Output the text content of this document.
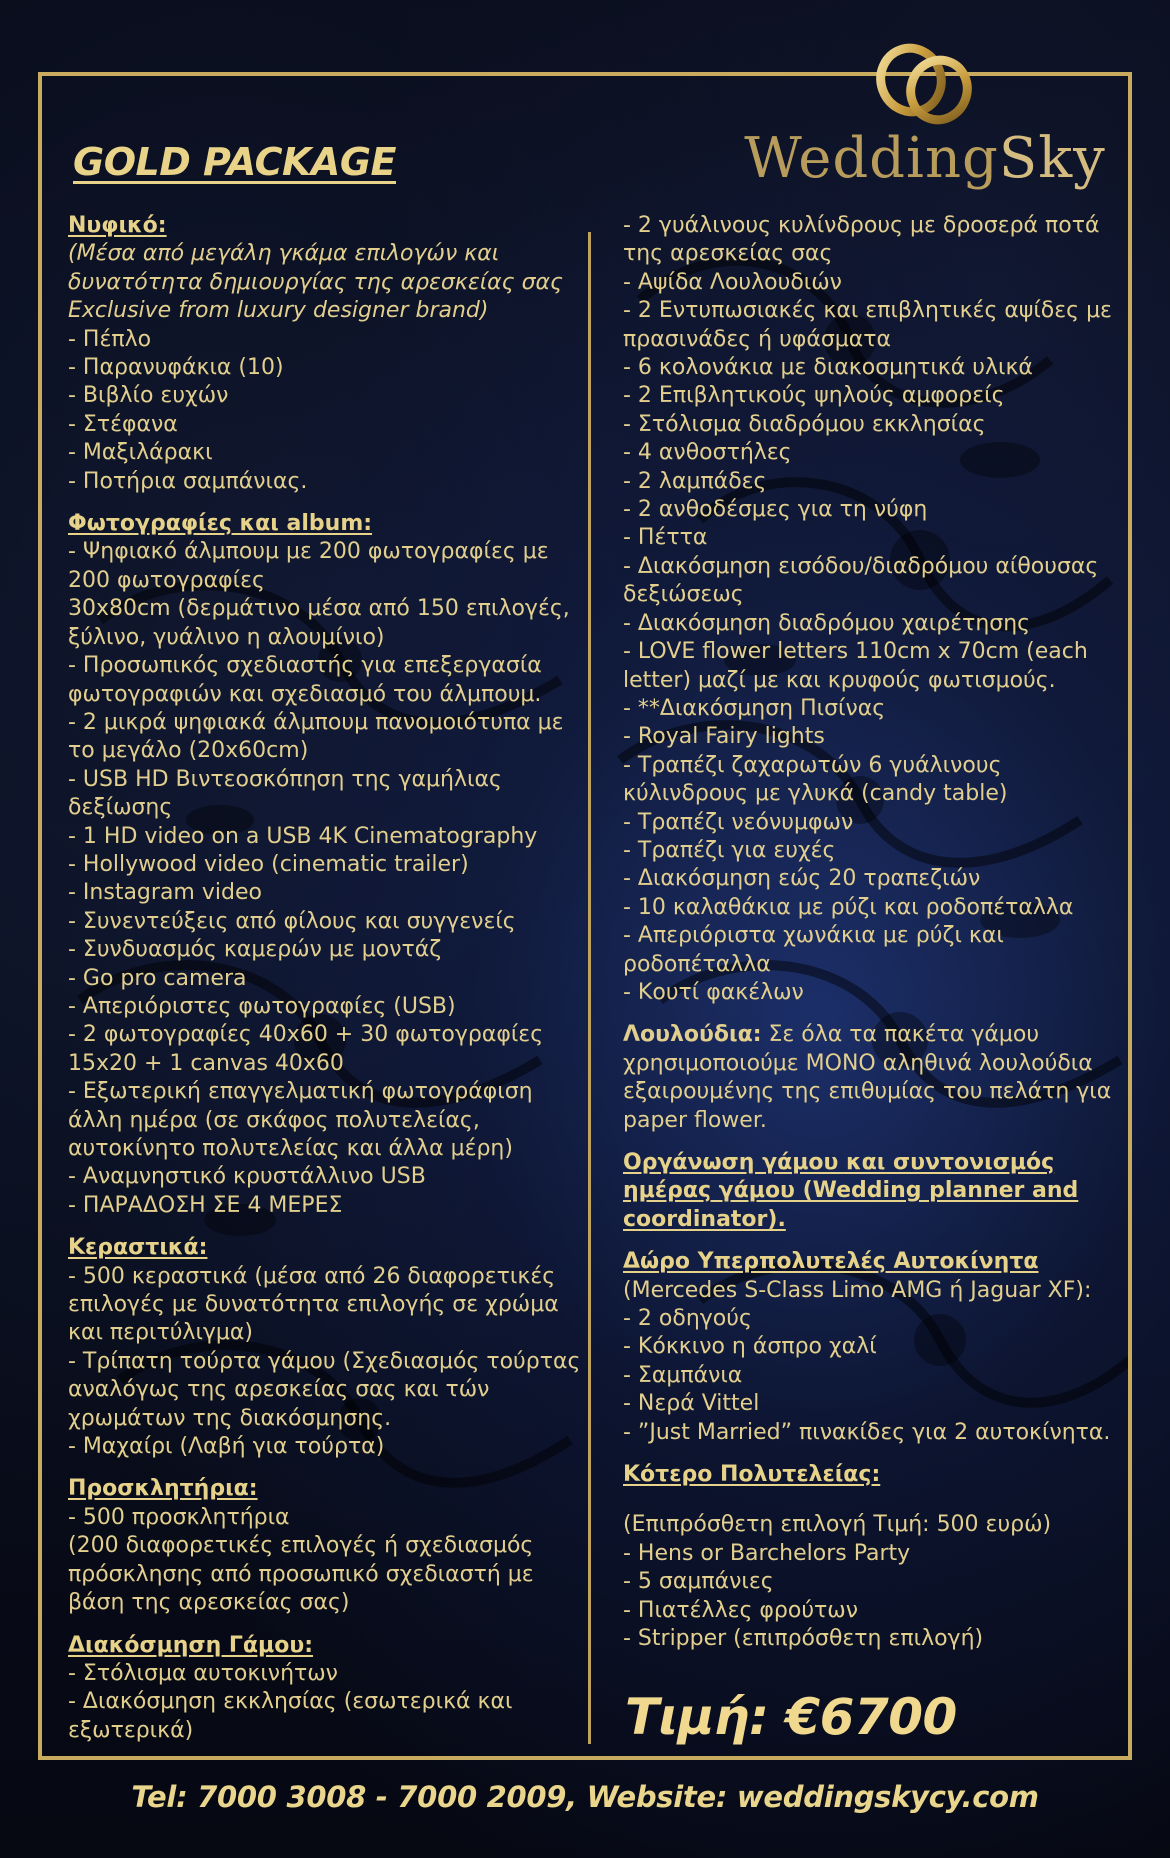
WeddingSky
GOLD PACKAGE
Νυφικό:
(Μέσα από μεγάλη γκάμα επιλογών και
δυνατότητα δημιουργίας της αρεσκείας σας
Exclusive from luxury designer brand)
- Πέπλο
- Παρανυφάκια (10)
- Βιβλίο ευχών
- Στέφανα
- Μαξιλάρακι
- Ποτήρια σαμπάνιας.
Φωτογραφίες και album:
- Ψηφιακό άλμπουμ με 200 φωτογραφίες με
200 φωτογραφίες
30x80cm (δερμάτινο μέσα από 150 επιλογές,
ξύλινο, γυάλινο η αλουμίνιο)
- Προσωπικός σχεδιαστής για επεξεργασία
φωτογραφιών και σχεδιασμό του άλμπουμ.
- 2 μικρά ψηφιακά άλμπουμ πανομοιότυπα με
το μεγάλο (20x60cm)
- USB HD Βιντεοσκόπηση της γαμήλιας
δεξίωσης
- 1 HD video on a USB 4K Cinematography
- Hollywood video (cinematic trailer)
- Instagram video
- Συνεντεύξεις από φίλους και συγγενείς
- Συνδυασμός καμερών με μοντάζ
- Go pro camera
- Απεριόριστες φωτογραφίες (USB)
- 2 φωτογραφίες 40x60 + 30 φωτογραφίες
15x20 + 1 canvas 40x60
- Εξωτερική επαγγελματική φωτογράφιση
άλλη ημέρα (σε σκάφος πολυτελείας,
αυτοκίνητο πολυτελείας και άλλα μέρη)
- Αναμνηστικό κρυστάλλινο USB
- ΠΑΡΑΔΟΣΗ ΣΕ 4 ΜΕΡΕΣ
Κεραστικά:
- 500 κεραστικά (μέσα από 26 διαφορετικές
επιλογές με δυνατότητα επιλογής σε χρώμα
και περιτύλιγμα)
- Τρίπατη τούρτα γάμου (Σχεδιασμός τούρτας
αναλόγως της αρεσκείας σας και τών
χρωμάτων της διακόσμησης.
- Μαχαίρι (Λαβή για τούρτα)
Προσκλητήρια:
- 500 προσκλητήρια
(200 διαφορετικές επιλογές ή σχεδιασμός
πρόσκλησης από προσωπικό σχεδιαστή με
βάση της αρεσκείας σας)
Διακόσμηση Γάμου:
- Στόλισμα αυτοκινήτων
- Διακόσμηση εκκλησίας (εσωτερικά και
εξωτερικά)
- 2 γυάλινους κυλίνδρους με δροσερά ποτά
της αρεσκείας σας
- Αψίδα Λουλουδιών
- 2 Εντυπωσιακές και επιβλητικές αψίδες με
πρασινάδες ή υφάσματα
- 6 κολονάκια με διακοσμητικά υλικά
- 2 Επιβλητικούς ψηλούς αμφορείς
- Στόλισμα διαδρόμου εκκλησίας
- 4 ανθοστήλες
- 2 λαμπάδες
- 2 ανθοδέσμες για τη νύφη
- Πέττα
- Διακόσμηση εισόδου/διαδρόμου αίθουσας
δεξιώσεως
- Διακόσμηση διαδρόμου χαιρέτησης
- LOVE flower letters 110cm x 70cm (each
letter) μαζί με και κρυφούς φωτισμούς.
- **Διακόσμηση Πισίνας
- Royal Fairy lights
- Τραπέζι ζαχαρωτών 6 γυάλινους
κύλινδρους με γλυκά (candy table)
- Τραπέζι νεόνυμφων
- Τραπέζι για ευχές
- Διακόσμηση εώς 20 τραπεζιών
- 10 καλαθάκια με ρύζι και ροδοπέταλλα
- Απεριόριστα χωνάκια με ρύζι και
ροδοπέταλλα
- Κουτί φακέλων
Λουλούδια: Σε όλα τα πακέτα γάμου
χρησιμοποιούμε ΜΟΝΟ αληθινά λουλούδια
εξαιρουμένης της επιθυμίας του πελάτη για
paper flower.
Οργάνωση γάμου και συντονισμός
ημέρας γάμου (Wedding planner and
coordinator).
Δώρο Υπερπολυτελές Αυτοκίνητα
(Mercedes S-Class Limo AMG ή Jaguar XF):
- 2 οδηγούς
- Κόκκινο η άσπρο χαλί
- Σαμπάνια
- Νερά Vittel
- ”Just Married” πινακίδες για 2 αυτοκίνητα.
Κότερο Πολυτελείας:
(Επιπρόσθετη επιλογή Τιμή: 500 ευρώ)
- Hens or Barchelors Party
- 5 σαμπάνιες
- Πιατέλλες φρούτων
- Stripper (επιπρόσθετη επιλογή)
Τιμή: €6700
Tel: 7000 3008 - 7000 2009, Website: weddingskycy.com
